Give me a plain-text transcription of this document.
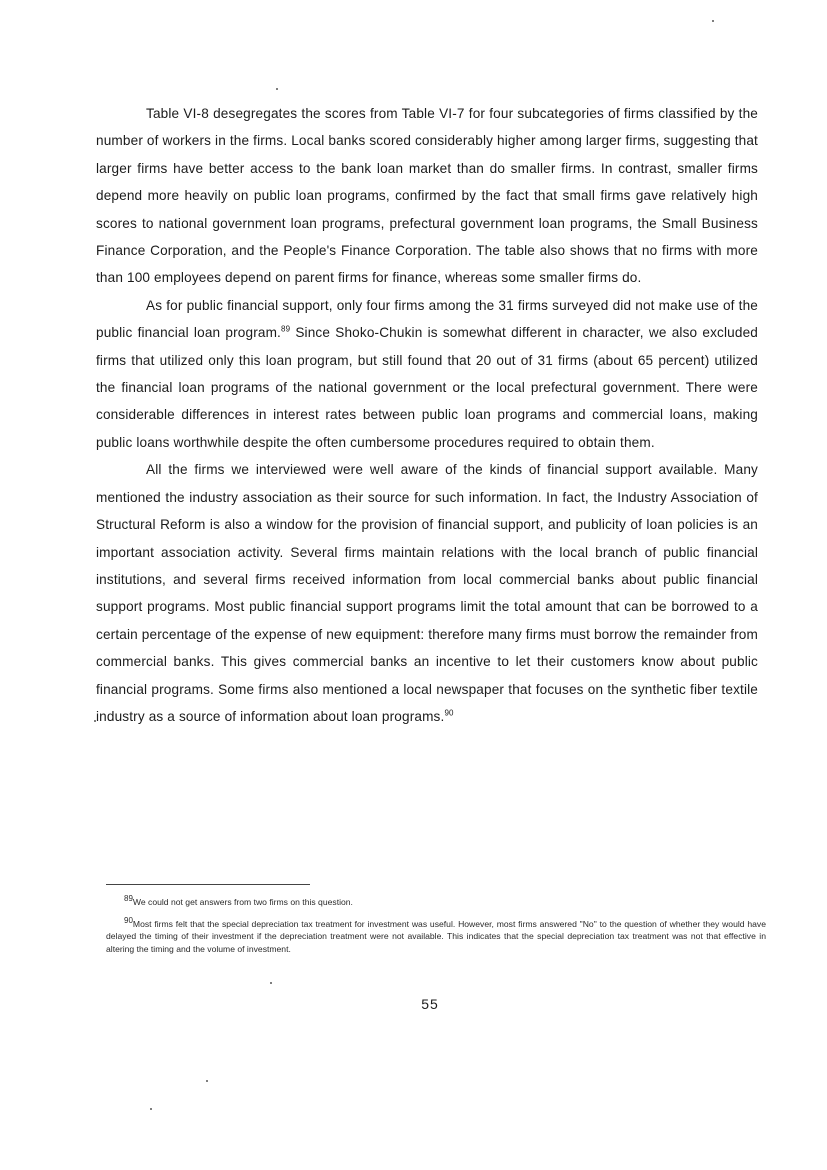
Table VI-8 desegregates the scores from Table VI-7 for four subcategories of firms classified by the number of workers in the firms. Local banks scored considerably higher among larger firms, suggesting that larger firms have better access to the bank loan market than do smaller firms. In contrast, smaller firms depend more heavily on public loan programs, confirmed by the fact that small firms gave relatively high scores to national government loan programs, prefectural government loan programs, the Small Business Finance Corporation, and the People's Finance Corporation. The table also shows that no firms with more than 100 employees depend on parent firms for finance, whereas some smaller firms do.

As for public financial support, only four firms among the 31 firms surveyed did not make use of the public financial loan program.$^{89}$ Since Shoko-Chukin is somewhat different in character, we also excluded firms that utilized only this loan program, but still found that 20 out of 31 firms (about 65 percent) utilized the financial loan programs of the national government or the local prefectural government. There were considerable differences in interest rates between public loan programs and commercial loans, making public loans worthwhile despite the often cumbersome procedures required to obtain them.

All the firms we interviewed were well aware of the kinds of financial support available. Many mentioned the industry association as their source for such information. In fact, the Industry Association of Structural Reform is also a window for the provision of financial support, and publicity of loan policies is an important association activity. Several firms maintain relations with the local branch of public financial institutions, and several firms received information from local commercial banks about public financial support programs. Most public financial support programs limit the total amount that can be borrowed to a certain percentage of the expense of new equipment: therefore many firms must borrow the remainder from commercial banks. This gives commercial banks an incentive to let their customers know about public financial programs. Some firms also mentioned a local newspaper that focuses on the synthetic fiber textile industry as a source of information about loan programs.$^{90}$

$^{89}$We could not get answers from two firms on this question.

$^{90}$Most firms felt that the special depreciation tax treatment for investment was useful. However, most firms answered "No" to the question of whether they would have delayed the timing of their investment if the depreciation treatment were not available. This indicates that the special depreciation tax treatment was not that effective in altering the timing and the volume of investment.

55
